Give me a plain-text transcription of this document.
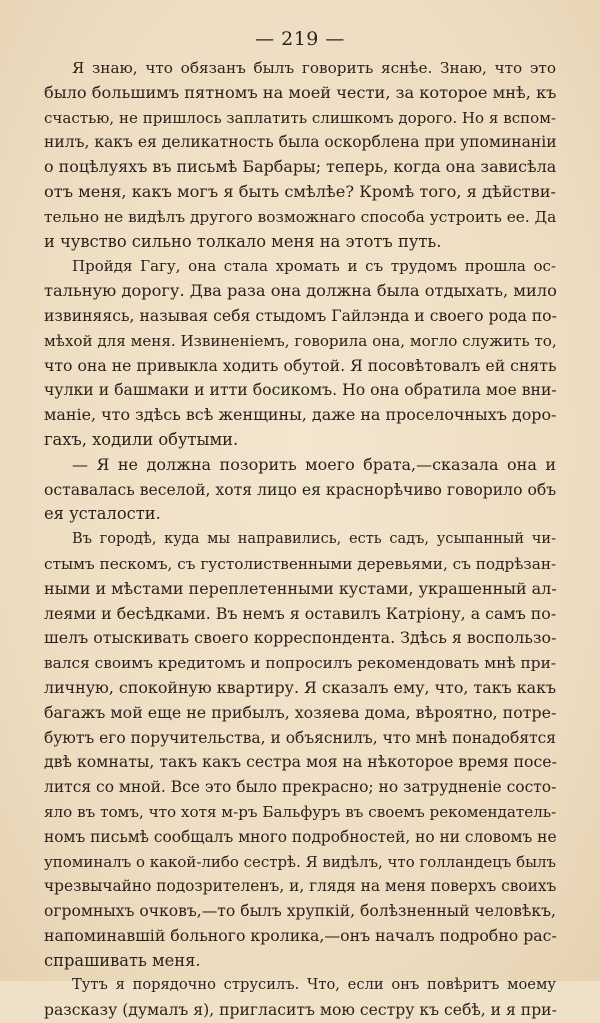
— 219 —
Я знаю, что обязанъ былъ говорить яснѣе. Знаю, что это
было большимъ пятномъ на моей чести, за которое мнѣ, къ
счастью, не пришлось заплатить слишкомъ дорого. Но я вспом-
нилъ, какъ ея деликатность была оскорблена при упоминанiи
о поцѣлуяхъ въ письмѣ Барбары; теперь, когда она зависѣла
отъ меня, какъ могъ я быть смѣлѣе? Кромѣ того, я дѣйстви-
тельно не видѣлъ другого возможнаго способа устроить ее. Да
и чувство сильно толкало меня на этотъ путь.
Пройдя Гагу, она стала хромать и съ трудомъ прошла ос-
тальную дорогу. Два раза она должна была отдыхать, мило
извиняясь, называя себя стыдомъ Гайлэнда и своего рода по-
мѣхой для меня. Извиненiемъ, говорила она, могло служить то,
что она не привыкла ходить обутой. Я посовѣтовалъ ей снять
чулки и башмаки и итти босикомъ. Но она обратила мое вни-
манiе, что здѣсь всѣ женщины, даже на проселочныхъ доро-
гахъ, ходили обутыми.
— Я не должна позорить моего брата,—сказала она и
оставалась веселой, хотя лицо ея краснорѣчиво говорило объ
ея усталости.
Въ городѣ, куда мы направились, есть садъ, усыпанный чи-
стымъ пескомъ, съ густолиственными деревьями, съ подрѣзан-
ными и мѣстами переплетенными кустами, украшенный ал-
леями и бесѣдками. Въ немъ я оставилъ Катрiону, а самъ по-
шелъ отыскивать своего корреспондента. Здѣсь я воспользо-
вался своимъ кредитомъ и попросилъ рекомендовать мнѣ при-
личную, спокойную квартиру. Я сказалъ ему, что, такъ какъ
багажъ мой еще не прибылъ, хозяева дома, вѣроятно, потре-
буютъ его поручительства, и объяснилъ, что мнѣ понадобятся
двѣ комнаты, такъ какъ сестра моя на нѣкоторое время посе-
лится со мной. Все это было прекрасно; но затрудненiе состо-
яло въ томъ, что хотя м-ръ Бальфуръ въ своемъ рекомендатель-
номъ письмѣ сообщалъ много подробностей, но ни словомъ не
упоминалъ о какой-либо сестрѣ. Я видѣлъ, что голландецъ былъ
чрезвычайно подозрителенъ, и, глядя на меня поверхъ своихъ
огромныхъ очковъ,—то былъ хрупкiй, болѣзненный человѣкъ,
напоминавшiй больного кролика,—онъ началъ подробно рас-
спрашивать меня.
Тутъ я порядочно струсилъ. Что, если онъ повѣритъ моему
разсказу (думалъ я), пригласитъ мою сестру къ себѣ, и я при-
